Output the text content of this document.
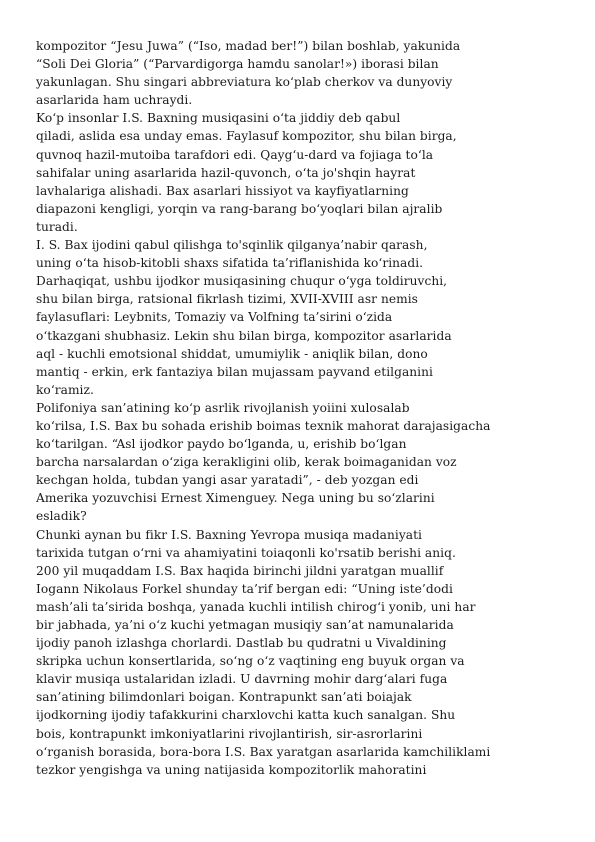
kompozitor “Jesu Juwa” (“Iso, madad ber!”) bilan boshlab, yakunida
“Soli Dei Gloria” (“Parvardigorga hamdu sanolar!») iborasi bilan
yakunlagan. Shu singari abbreviatura ko‘plab cherkov va dunyoviy
asarlarida ham uchraydi.
Ko‘p insonlar I.S. Baxning musiqasini o‘ta jiddiy deb qabul
qiladi, aslida esa unday emas. Faylasuf kompozitor, shu bilan birga,
quvnoq hazil-mutoiba tarafdori edi. Qayg‘u-dard va fojiaga to‘la
sahifalar uning asarlarida hazil-quvonch, o‘ta jo'shqin hayrat
lavhalariga alishadi. Bax asarlari hissiyot va kayfiyatlarning
diapazoni kengligi, yorqin va rang-barang bo‘yoqlari bilan ajralib
turadi.
I. S. Bax ijodini qabul qilishga to'sqinlik qilganya’nabir qarash,
uning o‘ta hisob-kitobli shaxs sifatida ta’riflanishida ko‘rinadi.
Darhaqiqat, ushbu ijodkor musiqasining chuqur o‘yga toldiruvchi,
shu bilan birga, ratsional fikrlash tizimi, XVII-XVIII asr nemis
faylasuflari: Leybnits, Tomaziy va Volfning ta’sirini o‘zida
o‘tkazgani shubhasiz. Lekin shu bilan birga, kompozitor asarlarida
aql - kuchli emotsional shiddat, umumiylik - aniqlik bilan, dono
mantiq - erkin, erk fantaziya bilan mujassam payvand etilganini
ko‘ramiz.
Polifoniya san’atining ko‘p asrlik rivojlanish yoiini xulosalab
ko‘rilsa, I.S. Bax bu sohada erishib boimas texnik mahorat darajasigacha
ko‘tarilgan. “Asl ijodkor paydo bo‘lganda, u, erishib bo‘lgan
barcha narsalardan o‘ziga kerakligini olib, kerak boimaganidan voz
kechgan holda, tubdan yangi asar yaratadi”, - deb yozgan edi
Amerika yozuvchisi Ernest Ximenguey. Nega uning bu so‘zlarini
esladik?
Chunki aynan bu fikr I.S. Baxning Yevropa musiqa madaniyati
tarixida tutgan o‘rni va ahamiyatini toiaqonli ko'rsatib berishi aniq.
200 yil muqaddam I.S. Bax haqida birinchi jildni yaratgan muallif
Iogann Nikolaus Forkel shunday ta’rif bergan edi: “Uning iste’dodi
mash’ali ta’sirida boshqa, yanada kuchli intilish chirog‘i yonib, uni har
bir jabhada, ya’ni o‘z kuchi yetmagan musiqiy san’at namunalarida
ijodiy panoh izlashga chorlardi. Dastlab bu qudratni u Vivaldining
skripka uchun konsertlarida, so‘ng o‘z vaqtining eng buyuk organ va
klavir musiqa ustalaridan izladi. U davrning mohir darg‘alari fuga
san’atining bilimdonlari boigan. Kontrapunkt san’ati boiajak
ijodkorning ijodiy tafakkurini charxlovchi katta kuch sanalgan. Shu
bois, kontrapunkt imkoniyatlarini rivojlantirish, sir-asrorlarini
o‘rganish borasida, bora-bora I.S. Bax yaratgan asarlarida kamchiliklami
tezkor yengishga va uning natijasida kompozitorlik mahoratini
